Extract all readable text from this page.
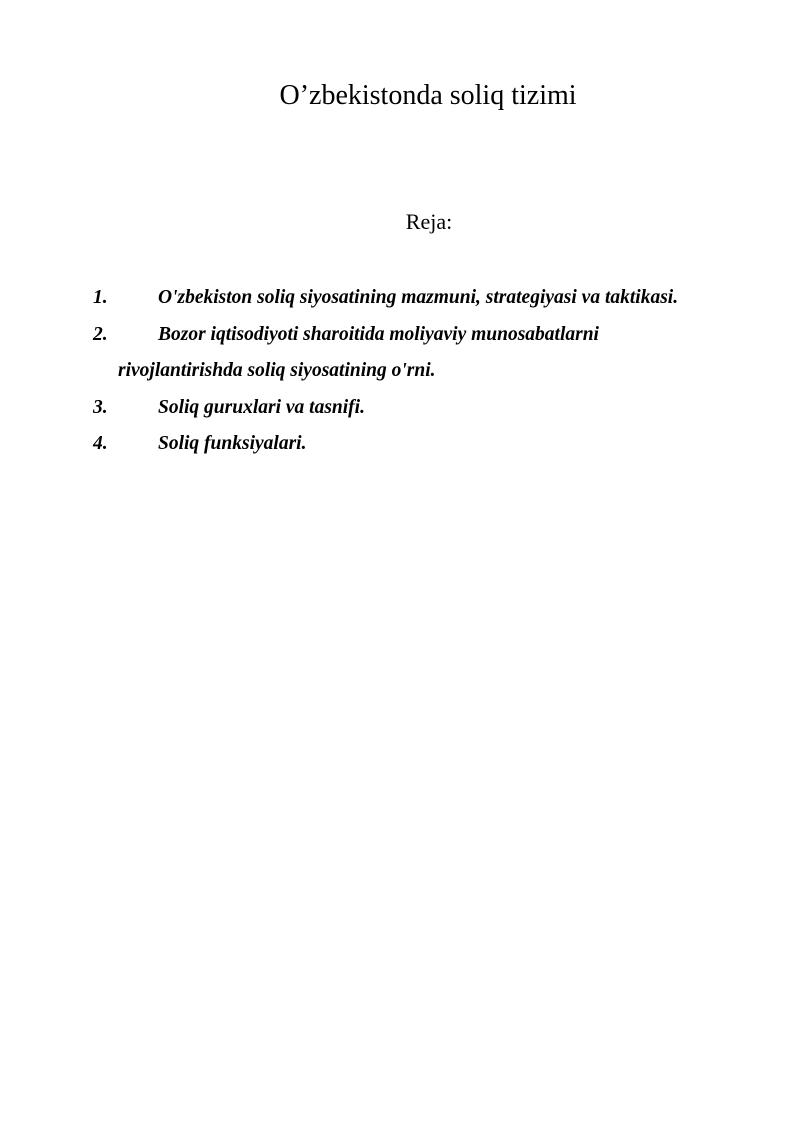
O’zbekistonda soliq tizimi

Reja:

1.	O'zbekiston soliq siyosatining mazmuni, strategiyasi va taktikasi.
2.	Bozor iqtisodiyoti sharoitida moliyaviy munosabatlarni rivojlantirishda soliq siyosatining o'rni.
3.	Soliq guruxlari va tasnifi.
4.	Soliq funksiyalari.
